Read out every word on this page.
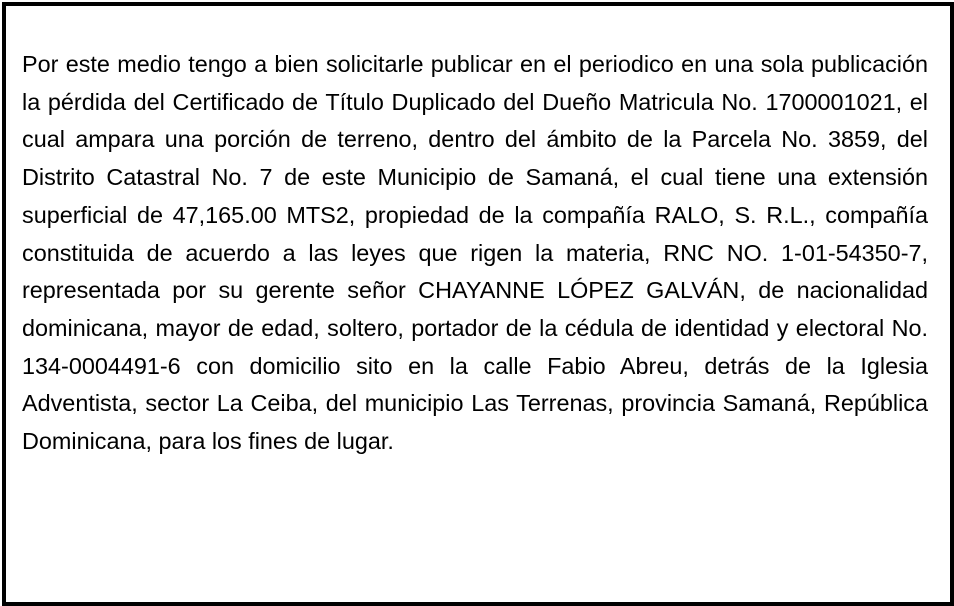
Por este medio tengo a bien solicitarle publicar en el periodico en una sola publicación la pérdida del Certificado de Título Duplicado del Dueño Matricula No. 1700001021, el cual ampara una porción de terreno, dentro del ámbito de la Parcela No. 3859, del Distrito Catastral No. 7 de este Municipio de Samaná, el cual tiene una extensión superficial de 47,165.00 MTS2, propiedad de la compañía RALO, S. R.L., compañía constituida de acuerdo a las leyes que rigen la materia, RNC NO. 1-01-54350-7, representada por su gerente señor CHAYANNE LÓPEZ GALVÁN, de nacionalidad dominicana, mayor de edad, soltero, portador de la cédula de identidad y electoral No. 134-0004491-6 con domicilio sito en la calle Fabio Abreu, detrás de la Iglesia Adventista, sector La Ceiba, del municipio Las Terrenas, provincia Samaná, República Dominicana, para los fines de lugar.
